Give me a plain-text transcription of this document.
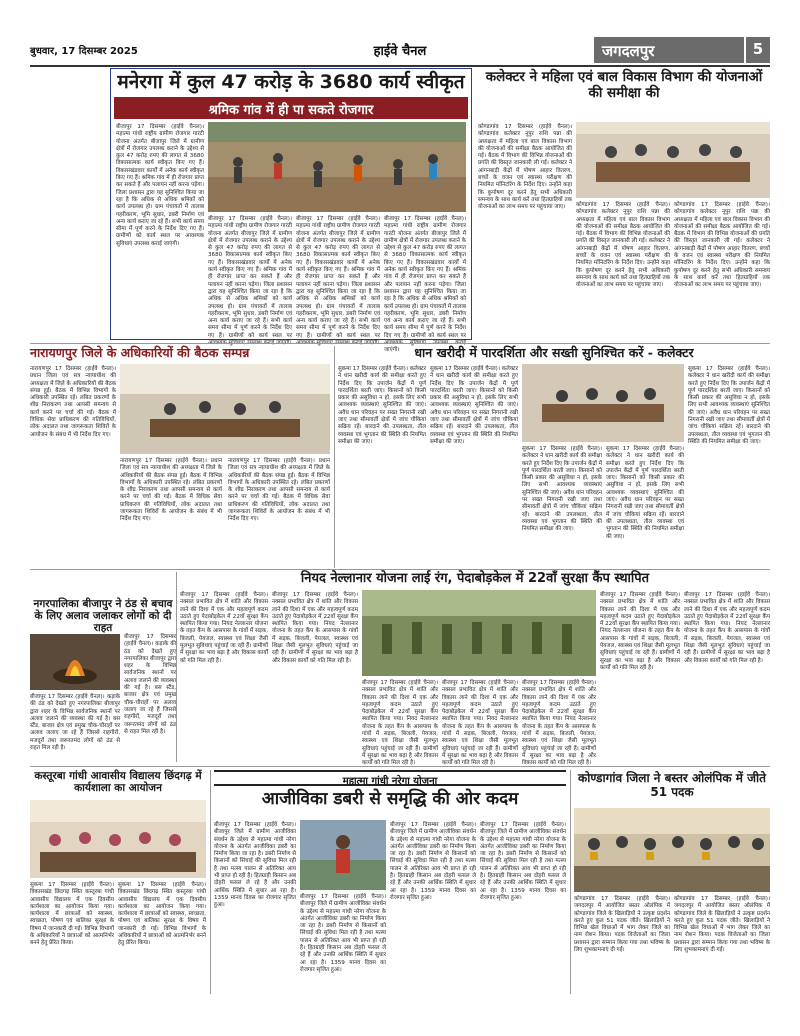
बुधवार, 17 दिसम्बर 2025	हाईवे चैनल	जगदलपुर	5
मनेरगा में कुल 47 करोड़ के 3680 कार्य स्वीकृत
श्रमिक गांव में ही पा सकते रोजगार
बीजापुर 17 दिसम्बर (हाईवे चैनल)। महात्मा गांधी राष्ट्रीय ग्रामीण रोजगार गारंटी योजना अंतर्गत बीजापुर जिले में ग्रामीण क्षेत्रों में रोजगार उपलब्ध कराने के उद्देश्य से कुल 47 करोड़ रुपए की लागत से 3680 विकासात्मक कार्य स्वीकृत किए गए हैं। विकासखंडवार कार्यों में अनेक कार्य स्वीकृत किए गए हैं। श्रमिक गांव में ही रोजगार प्राप्त कर सकते हैं और पलायन नहीं करना पड़ेगा। जिला प्रशासन द्वारा यह सुनिश्चित किया जा रहा है कि अधिक से अधिक श्रमिकों को कार्य उपलब्ध हो। ग्राम पंचायतों में तालाब गहरीकरण, भूमि सुधार, डबरी निर्माण एवं अन्य कार्य कराए जा रहे हैं। सभी कार्य समय सीमा में पूर्ण करने के निर्देश दिए गए हैं। ग्रामीणों को कार्य स्थल पर आवश्यक सुविधाएं उपलब्ध कराई जाएंगी।
बीजापुर 17 दिसम्बर (हाईवे चैनल)। महात्मा गांधी राष्ट्रीय ग्रामीण रोजगार गारंटी योजना अंतर्गत बीजापुर जिले में ग्रामीण क्षेत्रों में रोजगार उपलब्ध कराने के उद्देश्य से कुल 47 करोड़ रुपए की लागत से 3680 विकासात्मक कार्य स्वीकृत किए गए हैं। विकासखंडवार कार्यों में अनेक कार्य स्वीकृत किए गए हैं। श्रमिक गांव में ही रोजगार प्राप्त कर सकते हैं और पलायन नहीं करना पड़ेगा। जिला प्रशासन द्वारा यह सुनिश्चित किया जा रहा है कि अधिक से अधिक श्रमिकों को कार्य उपलब्ध हो। ग्राम पंचायतों में तालाब गहरीकरण, भूमि सुधार, डबरी निर्माण एवं अन्य कार्य कराए जा रहे हैं। सभी कार्य समय सीमा में पूर्ण करने के निर्देश दिए गए हैं। ग्रामीणों को कार्य स्थल पर
बीजापुर 17 दिसम्बर (हाईवे चैनल)। महात्मा गांधी राष्ट्रीय ग्रामीण रोजगार गारंटी योजना अंतर्गत बीजापुर जिले में ग्रामीण क्षेत्रों में रोजगार उपलब्ध कराने के उद्देश्य से कुल 47 करोड़ रुपए की लागत से 3680 विकासात्मक कार्य स्वीकृत किए गए हैं। विकासखंडवार कार्यों में अनेक कार्य स्वीकृत किए गए हैं। श्रमिक गांव में ही रोजगार प्राप्त कर सकते हैं और पलायन नहीं करना पड़ेगा। जिला प्रशासन द्वारा यह सुनिश्चित किया जा रहा है कि अधिक से अधिक श्रमिकों को कार्य उपलब्ध हो। ग्राम पंचायतों में तालाब गहरीकरण, भूमि सुधार, डबरी निर्माण एवं अन्य कार्य कराए जा रहे हैं। सभी कार्य समय सीमा में पूर्ण करने के निर्देश दिए गए हैं। ग्रामीणों को कार्य स्थल पर
बीजापुर 17 दिसम्बर (हाईवे चैनल)। महात्मा गांधी राष्ट्रीय ग्रामीण रोजगार गारंटी योजना अंतर्गत बीजापुर जिले में ग्रामीण क्षेत्रों में रोजगार उपलब्ध कराने के उद्देश्य से कुल 47 करोड़ रुपए की लागत से 3680 विकासात्मक कार्य स्वीकृत किए गए हैं। विकासखंडवार कार्यों में अनेक कार्य स्वीकृत किए गए हैं। श्रमिक गांव में ही रोजगार प्राप्त कर सकते हैं और पलायन नहीं करना पड़ेगा। जिला प्रशासन द्वारा यह सुनिश्चित किया जा रहा है कि अधिक से अधिक श्रमिकों को कार्य उपलब्ध हो। ग्राम पंचायतों में तालाब गहरीकरण, भूमि सुधार, डबरी निर्माण एवं अन्य कार्य कराए जा रहे हैं। सभी कार्य समय सीमा में पूर्ण करने के निर्देश दिए गए हैं। ग्रामीणों को कार्य स्थल पर जाएंगी।
कलेक्टर ने महिला एवं बाल विकास विभाग की योजनाओं की समीक्षा की
कोण्डागांव 17 दिसम्बर (हाईवे चैनल)। कोण्डागांव कलेक्टर नूपुर राशि पन्ना की अध्यक्षता में महिला एवं बाल विकास विभाग की योजनाओं की समीक्षा बैठक आयोजित की गई। बैठक में विभाग की विभिन्न योजनाओं की प्रगति की विस्तृत जानकारी ली गई। कलेक्टर ने आंगनबाड़ी केंद्रों में पोषण आहार वितरण, बच्चों के वजन एवं स्वास्थ्य परीक्षण की नियमित मॉनिटरिंग के निर्देश दिए। उन्होंने कहा कि कुपोषण दूर करने हेतु सभी अधिकारी समन्वय के साथ कार्य करें तथा हितग्राहियों तक योजनाओं का लाभ समय पर पहुंचाया जाए।	कोण्डागांव 17 दिसम्बर (हाईवे चैनल)। कोण्डागांव कलेक्टर नूपुर राशि पन्ना की अध्यक्षता में महिला एवं बाल विकास विभाग की योजनाओं की समीक्षा बैठक आयोजित की गई। बैठक में विभाग की विभिन्न योजनाओं की प्रगति की विस्तृत जानकारी ली गई। कलेक्टर ने आंगनबाड़ी केंद्रों में पोषण आहार वितरण, बच्चों के वजन एवं स्वास्थ्य परीक्षण की नियमित मॉनिटरिंग के निर्देश दिए। उन्होंने कहा कि कुपोषण दूर करने हेतु सभी अधिकारी समन्वय के साथ कार्य करें तथा हितग्राहियों तक योजनाओं का लाभ समय पर पहुंचाया जाए।
कोण्डागांव 17 दिसम्बर (हाईवे चैनल)। कोण्डागांव कलेक्टर नूपुर राशि पन्ना की अध्यक्षता में महिला एवं बाल विकास विभाग की योजनाओं की समीक्षा बैठक आयोजित की गई। बैठक में विभाग की विभिन्न योजनाओं की प्रगति की विस्तृत जानकारी ली गई। कलेक्टर ने आंगनबाड़ी केंद्रों में पोषण आहार वितरण, बच्चों के वजन एवं स्वास्थ्य परीक्षण की नियमित मॉनिटरिंग के निर्देश दिए। उन्होंने कहा कि कुपोषण दूर करने हेतु सभी अधिकारी समन्वय के साथ कार्य करें तथा हितग्राहियों तक योजनाओं का लाभ समय पर पहुंचाया जाए।
नारायणपुर जिले के अधिकारियों की बैठक सम्पन्न
नारायणपुर 17 दिसम्बर (हाईवे चैनल)। प्रधान जिला एवं सत्र न्यायाधीश की अध्यक्षता में जिले के अधिकारियों की बैठक संपन्न हुई। बैठक में विभिन्न विभागों के अधिकारी उपस्थित रहे। लंबित प्रकरणों के शीघ्र निराकरण तथा आपसी समन्वय से कार्य करने पर चर्चा की गई। बैठक में विधिक सेवा प्राधिकरण की गतिविधियों, लोक अदालत तथा जागरूकता शिविरों के आयोजन के संबंध में भी निर्देश दिए गए।
नारायणपुर 17 दिसम्बर (हाईवे चैनल)। प्रधान जिला एवं सत्र न्यायाधीश की अध्यक्षता में जिले के अधिकारियों की बैठक संपन्न हुई। बैठक में विभिन्न विभागों के अधिकारी उपस्थित रहे। लंबित प्रकरणों के शीघ्र निराकरण तथा आपसी समन्वय से कार्य करने पर चर्चा की गई। बैठक में विधिक सेवा प्राधिकरण की गतिविधियों, लोक अदालत तथा जागरूकता शिविरों के आयोजन के संबंध में भी निर्देश दिए गए।
नारायणपुर 17 दिसम्बर (हाईवे चैनल)। प्रधान जिला एवं सत्र न्यायाधीश की अध्यक्षता में जिले के अधिकारियों की बैठक संपन्न हुई। बैठक में विभिन्न विभागों के अधिकारी उपस्थित रहे। लंबित प्रकरणों के शीघ्र निराकरण तथा आपसी समन्वय से कार्य करने पर चर्चा की गई। बैठक में विधिक सेवा प्राधिकरण की गतिविधियों, लोक अदालत तथा जागरूकता शिविरों के आयोजन के संबंध में भी निर्देश दिए गए।
धान खरीदी में पारदर्शिता और सख्ती सुनिश्चित करें - कलेक्टर
सुकमा 17 दिसम्बर (हाईवे चैनल)। कलेक्टर ने धान खरीदी कार्य की समीक्षा करते हुए निर्देश दिए कि उपार्जन केंद्रों में पूर्ण पारदर्शिता बरती जाए। किसानों को किसी प्रकार की असुविधा न हो, इसके लिए सभी आवश्यक व्यवस्थाएं सुनिश्चित की जाएं। अवैध धान परिवहन पर सख्त निगरानी रखी जाए तथा सीमावर्ती क्षेत्रों में जांच चौकियां सक्रिय रहें। बारदाने की उपलब्धता, तौल व्यवस्था एवं भुगतान की स्थिति की नियमित समीक्षा की जाए।
सुकमा 17 दिसम्बर (हाईवे चैनल)। कलेक्टर ने धान खरीदी कार्य की समीक्षा करते हुए निर्देश दिए कि उपार्जन केंद्रों में पूर्ण पारदर्शिता बरती जाए। किसानों को किसी प्रकार की असुविधा न हो, इसके लिए सभी आवश्यक व्यवस्थाएं सुनिश्चित की जाएं। अवैध धान परिवहन पर सख्त निगरानी रखी जाए तथा सीमावर्ती क्षेत्रों में जांच चौकियां सक्रिय रहें। बारदाने की उपलब्धता, तौल व्यवस्था एवं भुगतान की स्थिति की नियमित समीक्षा की जाए।
सुकमा 17 दिसम्बर (हाईवे चैनल)। कलेक्टर ने धान खरीदी कार्य की समीक्षा करते हुए निर्देश दिए कि उपार्जन केंद्रों में पूर्ण पारदर्शिता बरती जाए। किसानों को किसी प्रकार की असुविधा न हो, इसके लिए सभी आवश्यक व्यवस्थाएं सुनिश्चित की जाएं। अवैध धान परिवहन पर सख्त निगरानी रखी जाए तथा सीमावर्ती क्षेत्रों में जांच चौकियां सक्रिय रहें। बारदाने की उपलब्धता, तौल व्यवस्था एवं भुगतान की स्थिति की नियमित समीक्षा की जाए।
सुकमा 17 दिसम्बर (हाईवे चैनल)। कलेक्टर ने धान खरीदी कार्य की समीक्षा करते हुए निर्देश दिए कि उपार्जन केंद्रों में पूर्ण पारदर्शिता बरती जाए। किसानों को किसी प्रकार की असुविधा न हो, इसके लिए सभी आवश्यक व्यवस्थाएं सुनिश्चित की जाएं। अवैध धान परिवहन पर सख्त निगरानी रखी जाए तथा सीमावर्ती क्षेत्रों में जांच चौकियां सक्रिय रहें। बारदाने की उपलब्धता, तौल व्यवस्था एवं भुगतान की स्थिति की नियमित समीक्षा की जाए।
सुकमा 17 दिसम्बर (हाईवे चैनल)। कलेक्टर ने धान खरीदी कार्य की समीक्षा करते हुए निर्देश दिए कि उपार्जन केंद्रों में पूर्ण पारदर्शिता बरती जाए। किसानों को किसी प्रकार की असुविधा न हो, इसके लिए सभी आवश्यक व्यवस्थाएं सुनिश्चित की जाएं। अवैध धान परिवहन पर सख्त निगरानी रखी जाए तथा सीमावर्ती क्षेत्रों में जांच चौकियां सक्रिय रहें। बारदाने की उपलब्धता, तौल व्यवस्था एवं भुगतान की स्थिति की नियमित समीक्षा की जाए।
नियद नेल्लानार योजना लाई रंग, पेदाबोड़केल में 22वाँ सुरक्षा कैंप स्थापित
बीजापुर 17 दिसम्बर (हाईवे चैनल)। नक्सल प्रभावित क्षेत्र में शांति और विकास लाने की दिशा में एक और महत्वपूर्ण कदम उठाते हुए पेदाबोड़केल में 22वाँ सुरक्षा कैंप स्थापित किया गया। नियद नेल्लानार योजना के तहत कैंप के आसपास के गांवों में सड़क, बिजली, पेयजल, स्वास्थ्य एवं शिक्षा जैसी मूलभूत सुविधाएं पहुंचाई जा रही हैं। ग्रामीणों में सुरक्षा का भाव बढ़ा है और विकास कार्यों को गति मिल रही है।
बीजापुर 17 दिसम्बर (हाईवे चैनल)। नक्सल प्रभावित क्षेत्र में शांति और विकास लाने की दिशा में एक और महत्वपूर्ण कदम उठाते हुए पेदाबोड़केल में 22वाँ सुरक्षा कैंप स्थापित किया गया। नियद नेल्लानार योजना के तहत कैंप के आसपास के गांवों में सड़क, बिजली, पेयजल, स्वास्थ्य एवं शिक्षा जैसी मूलभूत सुविधाएं पहुंचाई जा रही हैं। ग्रामीणों में सुरक्षा का भाव बढ़ा है और विकास कार्यों को गति मिल रही है।
बीजापुर 17 दिसम्बर (हाईवे चैनल)। नक्सल प्रभावित क्षेत्र में शांति और विकास लाने की दिशा में एक और महत्वपूर्ण कदम उठाते हुए पेदाबोड़केल में 22वाँ सुरक्षा कैंप स्थापित किया गया। नियद नेल्लानार योजना के तहत कैंप के आसपास के गांवों में सड़क, बिजली, पेयजल, स्वास्थ्य एवं शिक्षा जैसी मूलभूत सुविधाएं पहुंचाई जा रही हैं। ग्रामीणों में सुरक्षा का भाव बढ़ा है और विकास कार्यों को गति मिल रही है।
बीजापुर 17 दिसम्बर (हाईवे चैनल)। नक्सल प्रभावित क्षेत्र में शांति और विकास लाने की दिशा में एक और महत्वपूर्ण कदम उठाते हुए पेदाबोड़केल में 22वाँ सुरक्षा कैंप स्थापित किया गया। नियद नेल्लानार योजना के तहत कैंप के आसपास के गांवों में सड़क, बिजली, पेयजल, स्वास्थ्य एवं शिक्षा जैसी मूलभूत सुविधाएं पहुंचाई जा रही हैं। ग्रामीणों में सुरक्षा का भाव बढ़ा है और विकास कार्यों को गति मिल रही है।
बीजापुर 17 दिसम्बर (हाईवे चैनल)। नक्सल प्रभावित क्षेत्र में शांति और विकास लाने की दिशा में एक और महत्वपूर्ण कदम उठाते हुए पेदाबोड़केल में 22वाँ सुरक्षा कैंप स्थापित किया गया। नियद नेल्लानार योजना के तहत कैंप के आसपास के गांवों में सड़क, बिजली, पेयजल, स्वास्थ्य एवं शिक्षा जैसी मूलभूत सुविधाएं पहुंचाई जा रही हैं। ग्रामीणों में सुरक्षा का भाव बढ़ा है और विकास कार्यों को गति मिल रही है।
बीजापुर 17 दिसम्बर (हाईवे चैनल)। नक्सल प्रभावित क्षेत्र में शांति और विकास लाने की दिशा में एक और महत्वपूर्ण कदम उठाते हुए पेदाबोड़केल में 22वाँ सुरक्षा कैंप स्थापित किया गया। नियद नेल्लानार योजना के तहत कैंप के आसपास के गांवों में सड़क, बिजली, पेयजल, स्वास्थ्य एवं शिक्षा जैसी मूलभूत सुविधाएं पहुंचाई जा रही हैं। ग्रामीणों में सुरक्षा का भाव बढ़ा है और विकास कार्यों को गति मिल रही है।
बीजापुर 17 दिसम्बर (हाईवे चैनल)। नक्सल प्रभावित क्षेत्र में शांति और विकास लाने की दिशा में एक और महत्वपूर्ण कदम उठाते हुए पेदाबोड़केल में 22वाँ सुरक्षा कैंप स्थापित किया गया। नियद नेल्लानार योजना के तहत कैंप के आसपास के गांवों में सड़क, बिजली, पेयजल, स्वास्थ्य एवं शिक्षा जैसी मूलभूत सुविधाएं पहुंचाई जा रही हैं। ग्रामीणों में सुरक्षा का भाव बढ़ा है और विकास कार्यों को गति मिल रही है।
नगरपालिका बीजापुर ने ठंड से बचाव के लिए अलाव जलाकर लोगों को दी राहत
बीजापुर 17 दिसम्बर (हाईवे चैनल)। कड़ाके की ठंड को देखते हुए नगरपालिका बीजापुर द्वारा शहर के विभिन्न सार्वजनिक स्थानों पर अलाव जलाने की व्यवस्था की गई है। बस स्टैंड, बाजार क्षेत्र एवं प्रमुख चौक-चौराहों पर अलाव जलाए जा रहे हैं जिससे राहगीरों, मजदूरों तथा जरूरतमंद लोगों को ठंड से राहत मिल रही है।
बीजापुर 17 दिसम्बर (हाईवे चैनल)। कड़ाके की ठंड को देखते हुए नगरपालिका बीजापुर द्वारा शहर के विभिन्न सार्वजनिक स्थानों पर अलाव जलाने की व्यवस्था की गई है। बस स्टैंड, बाजार क्षेत्र एवं प्रमुख चौक-चौराहों पर अलाव जलाए जा रहे हैं जिससे राहगीरों, मजदूरों तथा जरूरतमंद लोगों को ठंड से राहत मिल रही है।
कस्तूरबा गांधी आवासीय विद्यालय छिंदगढ़ में कार्यशाला का आयोजन
सुकमा 17 दिसम्बर (हाईवे चैनल)। विकासखंड छिंदगढ़ स्थित कस्तूरबा गांधी आवासीय विद्यालय में एक दिवसीय कार्यशाला का आयोजन किया गया। कार्यशाला में छात्राओं को स्वास्थ्य, स्वच्छता, पोषण एवं बालिका सुरक्षा के विषय में जानकारी दी गई। विभिन्न विभागों के अधिकारियों ने छात्राओं को आत्मनिर्भर बनने हेतु प्रेरित किया।
सुकमा 17 दिसम्बर (हाईवे चैनल)। विकासखंड छिंदगढ़ स्थित कस्तूरबा गांधी आवासीय विद्यालय में एक दिवसीय कार्यशाला का आयोजन किया गया। कार्यशाला में छात्राओं को स्वास्थ्य, स्वच्छता, पोषण एवं बालिका सुरक्षा के विषय में जानकारी दी गई। विभिन्न विभागों के अधिकारियों ने छात्राओं को आत्मनिर्भर बनने हेतु प्रेरित किया।
महात्मा गांधी नरेगा योजना
आजीविका डबरी से समृद्धि की ओर कदम
बीजापुर 17 दिसम्बर (हाईवे चैनल)। बीजापुर जिले में ग्रामीण आजीविका संवर्धन के उद्देश्य से महात्मा गांधी नरेगा योजना के अंतर्गत आजीविका डबरी का निर्माण किया जा रहा है। डबरी निर्माण से किसानों को सिंचाई की सुविधा मिल रही है तथा मत्स्य पालन से अतिरिक्त आय भी प्राप्त हो रही है। हितग्राही किसान अब दोहरी फसल ले रहे हैं और उनकी आर्थिक स्थिति में सुधार आ रहा है। 1359 मानव दिवस का रोजगार सृजित हुआ।
बीजापुर 17 दिसम्बर (हाईवे चैनल)। बीजापुर जिले में ग्रामीण आजीविका संवर्धन के उद्देश्य से महात्मा गांधी नरेगा योजना के अंतर्गत आजीविका डबरी का निर्माण किया जा रहा है। डबरी निर्माण से किसानों को सिंचाई की सुविधा मिल रही है तथा मत्स्य पालन से अतिरिक्त आय भी प्राप्त हो रही है। हितग्राही किसान अब दोहरी फसल ले रहे हैं और उनकी आर्थिक स्थिति में सुधार आ रहा है। 1359 मानव दिवस का रोजगार सृजित हुआ।
बीजापुर 17 दिसम्बर (हाईवे चैनल)। बीजापुर जिले में ग्रामीण आजीविका संवर्धन के उद्देश्य से महात्मा गांधी नरेगा योजना के अंतर्गत आजीविका डबरी का निर्माण किया जा रहा है। डबरी निर्माण से किसानों को सिंचाई की सुविधा मिल रही है तथा मत्स्य पालन से अतिरिक्त आय भी प्राप्त हो रही है। हितग्राही किसान अब दोहरी फसल ले रहे हैं और उनकी आर्थिक स्थिति में सुधार आ रहा है। 1359 मानव दिवस का रोजगार सृजित हुआ।
बीजापुर 17 दिसम्बर (हाईवे चैनल)। बीजापुर जिले में ग्रामीण आजीविका संवर्धन के उद्देश्य से महात्मा गांधी नरेगा योजना के अंतर्गत आजीविका डबरी का निर्माण किया जा रहा है। डबरी निर्माण से किसानों को सिंचाई की सुविधा मिल रही है तथा मत्स्य पालन से अतिरिक्त आय भी प्राप्त हो रही है। हितग्राही किसान अब दोहरी फसल ले रहे हैं और उनकी आर्थिक स्थिति में सुधार आ रहा है। 1359 मानव दिवस का रोजगार सृजित हुआ।
कोण्डागांव जिला ने बस्तर ओलंपिक में जीते 51 पदक
कोण्डागांव 17 दिसम्बर (हाईवे चैनल)। जगदलपुर में आयोजित बस्तर ओलंपिक में कोण्डागांव जिले के खिलाड़ियों ने उत्कृष्ट प्रदर्शन करते हुए कुल 51 पदक जीते। खिलाड़ियों ने विभिन्न खेल विधाओं में भाग लेकर जिले का नाम रोशन किया। पदक विजेताओं का जिला प्रशासन द्वारा सम्मान किया गया तथा भविष्य के लिए शुभकामनाएं दी गईं।
कोण्डागांव 17 दिसम्बर (हाईवे चैनल)। जगदलपुर में आयोजित बस्तर ओलंपिक में कोण्डागांव जिले के खिलाड़ियों ने उत्कृष्ट प्रदर्शन करते हुए कुल 51 पदक जीते। खिलाड़ियों ने विभिन्न खेल विधाओं में भाग लेकर जिले का नाम रोशन किया। पदक विजेताओं का जिला प्रशासन द्वारा सम्मान किया गया तथा भविष्य के लिए शुभकामनाएं दी गईं।
